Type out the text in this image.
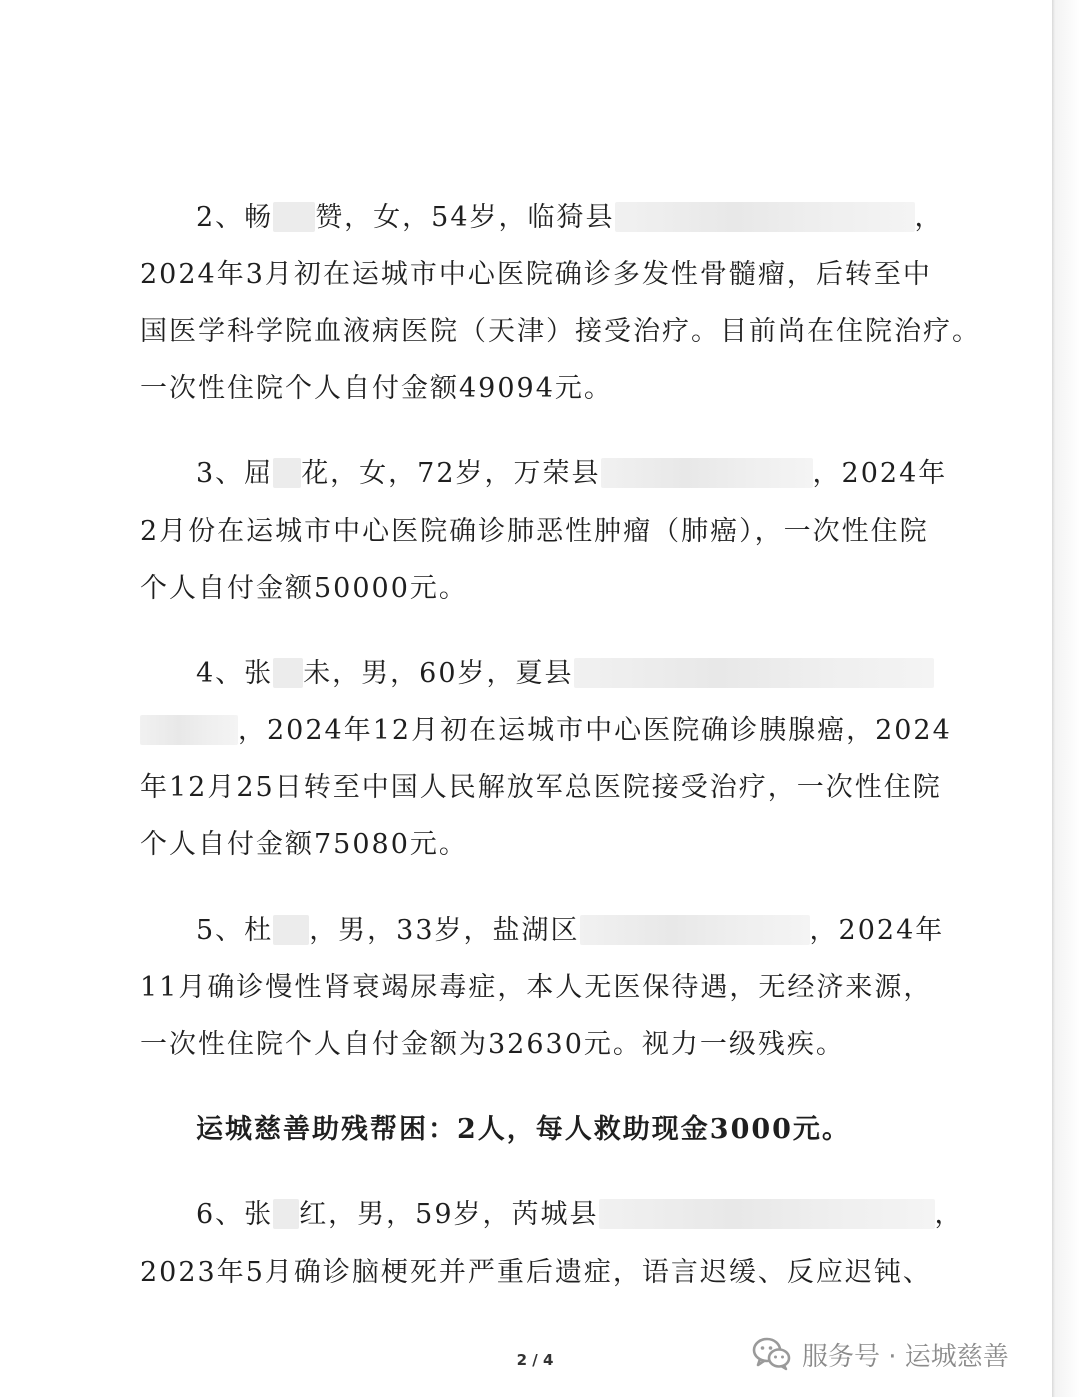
2、畅 赞，女，54岁，临猗县	，
2024年3月初在运城市中心医院确诊多发性骨髓瘤，后转至中
国医学科学院血液病医院（天津）接受治疗。目前尚在住院治疗。
一次性住院个人自付金额49094元。
3、屈 花，女，72岁，万荣县	，2024年
2月份在运城市中心医院确诊肺恶性肿瘤（肺癌），一次性住院
个人自付金额50000元。
4、张 未，男，60岁，夏县
，2024年12月初在运城市中心医院确诊胰腺癌，2024
年12月25日转至中国人民解放军总医院接受治疗，一次性住院
个人自付金额75080元。
5、杜 ，男，33岁，盐湖区	，2024年
11月确诊慢性肾衰竭尿毒症，本人无医保待遇，无经济来源，
一次性住院个人自付金额为32630元。视力一级残疾。
运城慈善助残帮困：2人，每人救助现金3000元。
6、张 红，男，59岁，芮城县	，
2023年5月确诊脑梗死并严重后遗症，语言迟缓、反应迟钝、
2 / 4	服务号 · 运城慈善
